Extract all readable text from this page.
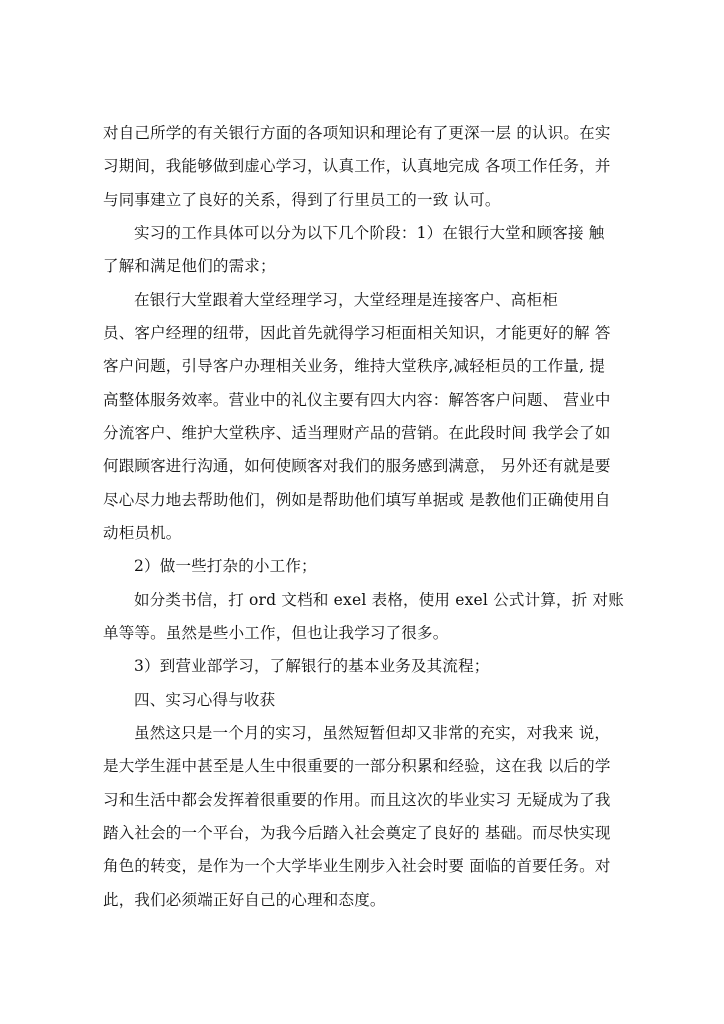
对自己所学的有关银行方面的各项知识和理论有了更深一层 的认识。在实

习期间，我能够做到虚心学习，认真工作，认真地完成 各项工作任务，并

与同事建立了良好的关系，得到了行里员工的一致 认可。

实习的工作具体可以分为以下几个阶段：1）在银行大堂和顾客接 触

了解和满足他们的需求；

在银行大堂跟着大堂经理学习，大堂经理是连接客户、高柜柜

员、客户经理的纽带，因此首先就得学习柜面相关知识，才能更好的解 答

客户问题，引导客户办理相关业务，维持大堂秩序,减轻柜员的工作量, 提

高整体服务效率。营业中的礼仪主要有四大内容：解答客户问题、 营业中

分流客户、维护大堂秩序、适当理财产品的营销。在此段时间 我学会了如

何跟顾客进行沟通，如何使顾客对我们的服务感到满意， 另外还有就是要

尽心尽力地去帮助他们，例如是帮助他们填写单据或 是教他们正确使用自

动柜员机。

2）做一些打杂的小工作；

如分类书信，打 ord 文档和 exel 表格，使用 exel 公式计算，折 对账

单等等。虽然是些小工作，但也让我学习了很多。

3）到营业部学习，了解银行的基本业务及其流程；

四、实习心得与收获

虽然这只是一个月的实习，虽然短暂但却又非常的充实，对我来 说，

是大学生涯中甚至是人生中很重要的一部分积累和经验，这在我 以后的学

习和生活中都会发挥着很重要的作用。而且这次的毕业实习 无疑成为了我

踏入社会的一个平台，为我今后踏入社会奠定了良好的 基础。而尽快实现

角色的转变，是作为一个大学毕业生刚步入社会时要 面临的首要任务。对

此，我们必须端正好自己的心理和态度。
